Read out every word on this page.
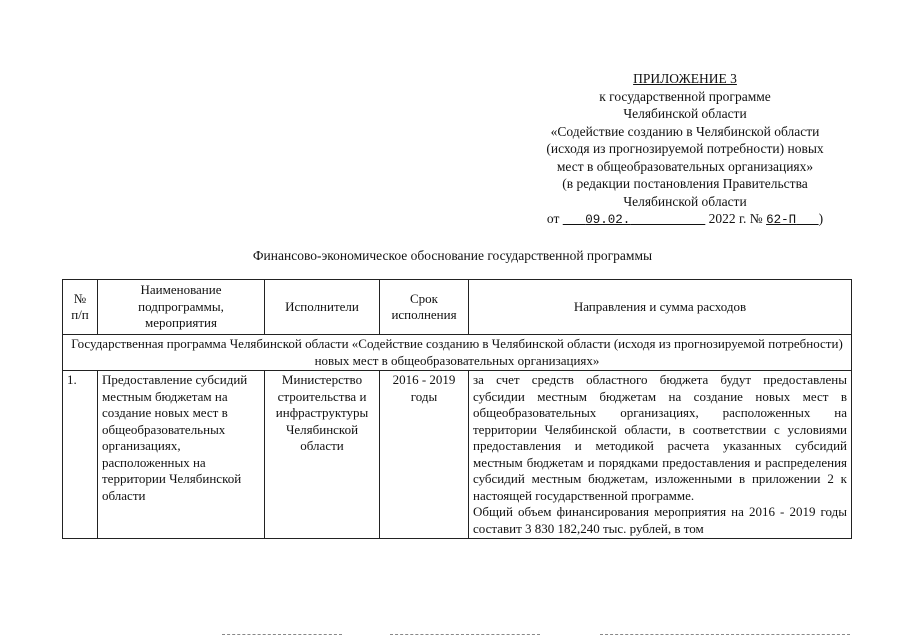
ПРИЛОЖЕНИЕ 3
к государственной программе
Челябинской области
«Содействие созданию в Челябинской области
(исходя из прогнозируемой потребности) новых
мест в общеобразовательных организациях»
(в редакции постановления Правительства
Челябинской области
от 09.02.	2022 г. № 62-П )
Финансово-экономическое обоснование государственной программы
№ п/п	Наименование подпрограммы, мероприятия	Исполнители	Срок исполнения	Направления и сумма расходов
Государственная программа Челябинской области «Содействие созданию в Челябинской области (исходя из прогнозируемой потребности) новых мест в общеобразовательных организациях»				
1.	Предоставление субсидий местным бюджетам на создание новых мест в общеобразовательных организациях, расположенных на территории Челябинской области	Министерство строительства и инфраструктуры Челябинской области	2016 - 2019 годы	за счет средств областного бюджета будут предоставлены субсидии местным бюджетам на создание новых мест в общеобразовательных организациях, расположенных на территории Челябинской области, в соответствии с условиями предоставления и методикой расчета указанных субсидий местным бюджетам и порядками предоставления и распределения субсидий местным бюджетам, изложенными в приложении 2 к настоящей государственной программе.
Общий объем финансирования мероприятия на 2016 - 2019 годы составит 3 830 182,240 тыс. рублей, в том
